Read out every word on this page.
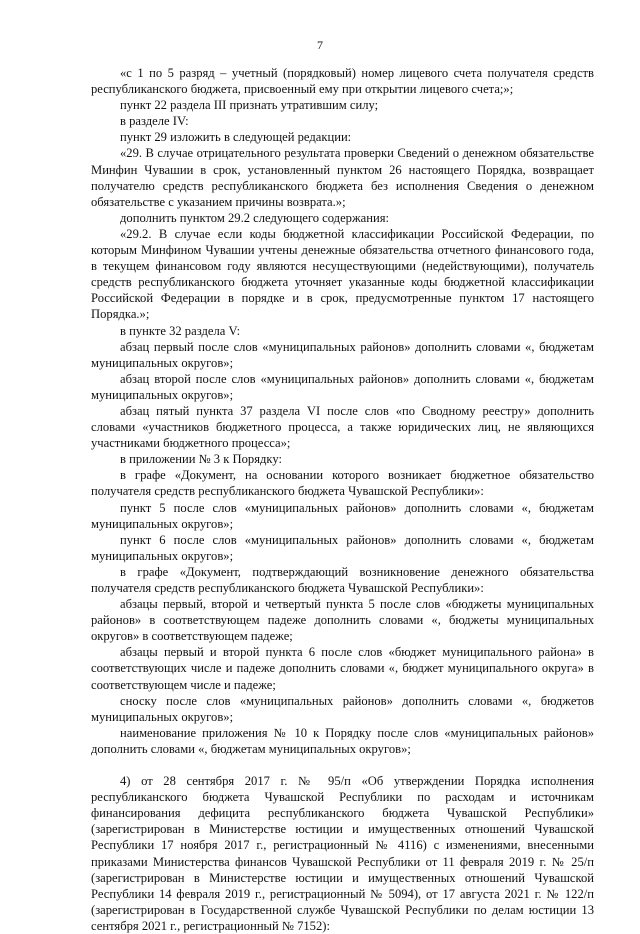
7

«с 1 по 5 разряд – учетный (порядковый) номер лицевого счета получателя средств республиканского бюджета, присвоенный ему при открытии лицевого счета;»;

пункт 22 раздела III признать утратившим силу;

в разделе IV:

пункт 29 изложить в следующей редакции:

«29. В случае отрицательного результата проверки Сведений о денежном обязательстве Минфин Чувашии в срок, установленный пунктом 26 настоящего Порядка, возвращает получателю средств республиканского бюджета без исполнения Сведения о денежном обязательстве с указанием причины возврата.»;

дополнить пунктом 29.2 следующего содержания:

«29.2. В случае если коды бюджетной классификации Российской Федерации, по которым Минфином Чувашии учтены денежные обязательства отчетного финансового года, в текущем финансовом году являются несуществующими (недействующими), получатель средств республиканского бюджета уточняет указанные коды бюджетной классификации Российской Федерации в порядке и в срок, предусмотренные пунктом 17 настоящего Порядка.»;

в пункте 32 раздела V:

абзац первый после слов «муниципальных районов» дополнить словами «, бюджетам муниципальных округов»;

абзац второй после слов «муниципальных районов» дополнить словами «, бюджетам муниципальных округов»;

абзац пятый пункта 37 раздела VI после слов «по Сводному реестру» дополнить словами «участников бюджетного процесса, а также юридических лиц, не являющихся участниками бюджетного процесса»;

в приложении № 3 к Порядку:

в графе «Документ, на основании которого возникает бюджетное обязательство получателя средств республиканского бюджета Чувашской Республики»:

пункт 5 после слов «муниципальных районов» дополнить словами «, бюджетам муниципальных округов»;

пункт 6 после слов «муниципальных районов» дополнить словами «, бюджетам муниципальных округов»;

в графе «Документ, подтверждающий возникновение денежного обязательства получателя средств республиканского бюджета Чувашской Республики»:

абзацы первый, второй и четвертый пункта 5 после слов «бюджеты муниципальных районов» в соответствующем падеже дополнить словами «, бюджеты муниципальных округов» в соответствующем падеже;

абзацы первый и второй пункта 6 после слов «бюджет муниципального района» в соответствующих числе и падеже дополнить словами «, бюджет муниципального округа» в соответствующем числе и падеже;

сноску после слов «муниципальных районов» дополнить словами «, бюджетов муниципальных округов»;

наименование приложения № 10 к Порядку после слов «муниципальных районов» дополнить словами «, бюджетам муниципальных округов»;

4) от 28 сентября 2017 г. № 95/п «Об утверждении Порядка исполнения республиканского бюджета Чувашской Республики по расходам и источникам финансирования дефицита республиканского бюджета Чувашской Республики» (зарегистрирован в Министерстве юстиции и имущественных отношений Чувашской Республики 17 ноября 2017 г., регистрационный № 4116) с изменениями, внесенными приказами Министерства финансов Чувашской Республики от 11 февраля 2019 г. № 25/п (зарегистрирован в Министерстве юстиции и имущественных отношений Чувашской Республики 14 февраля 2019 г., регистрационный № 5094), от 17 августа 2021 г. № 122/п (зарегистрирован в Государственной службе Чувашской Республики по делам юстиции 13 сентября 2021 г., регистрационный № 7152):
